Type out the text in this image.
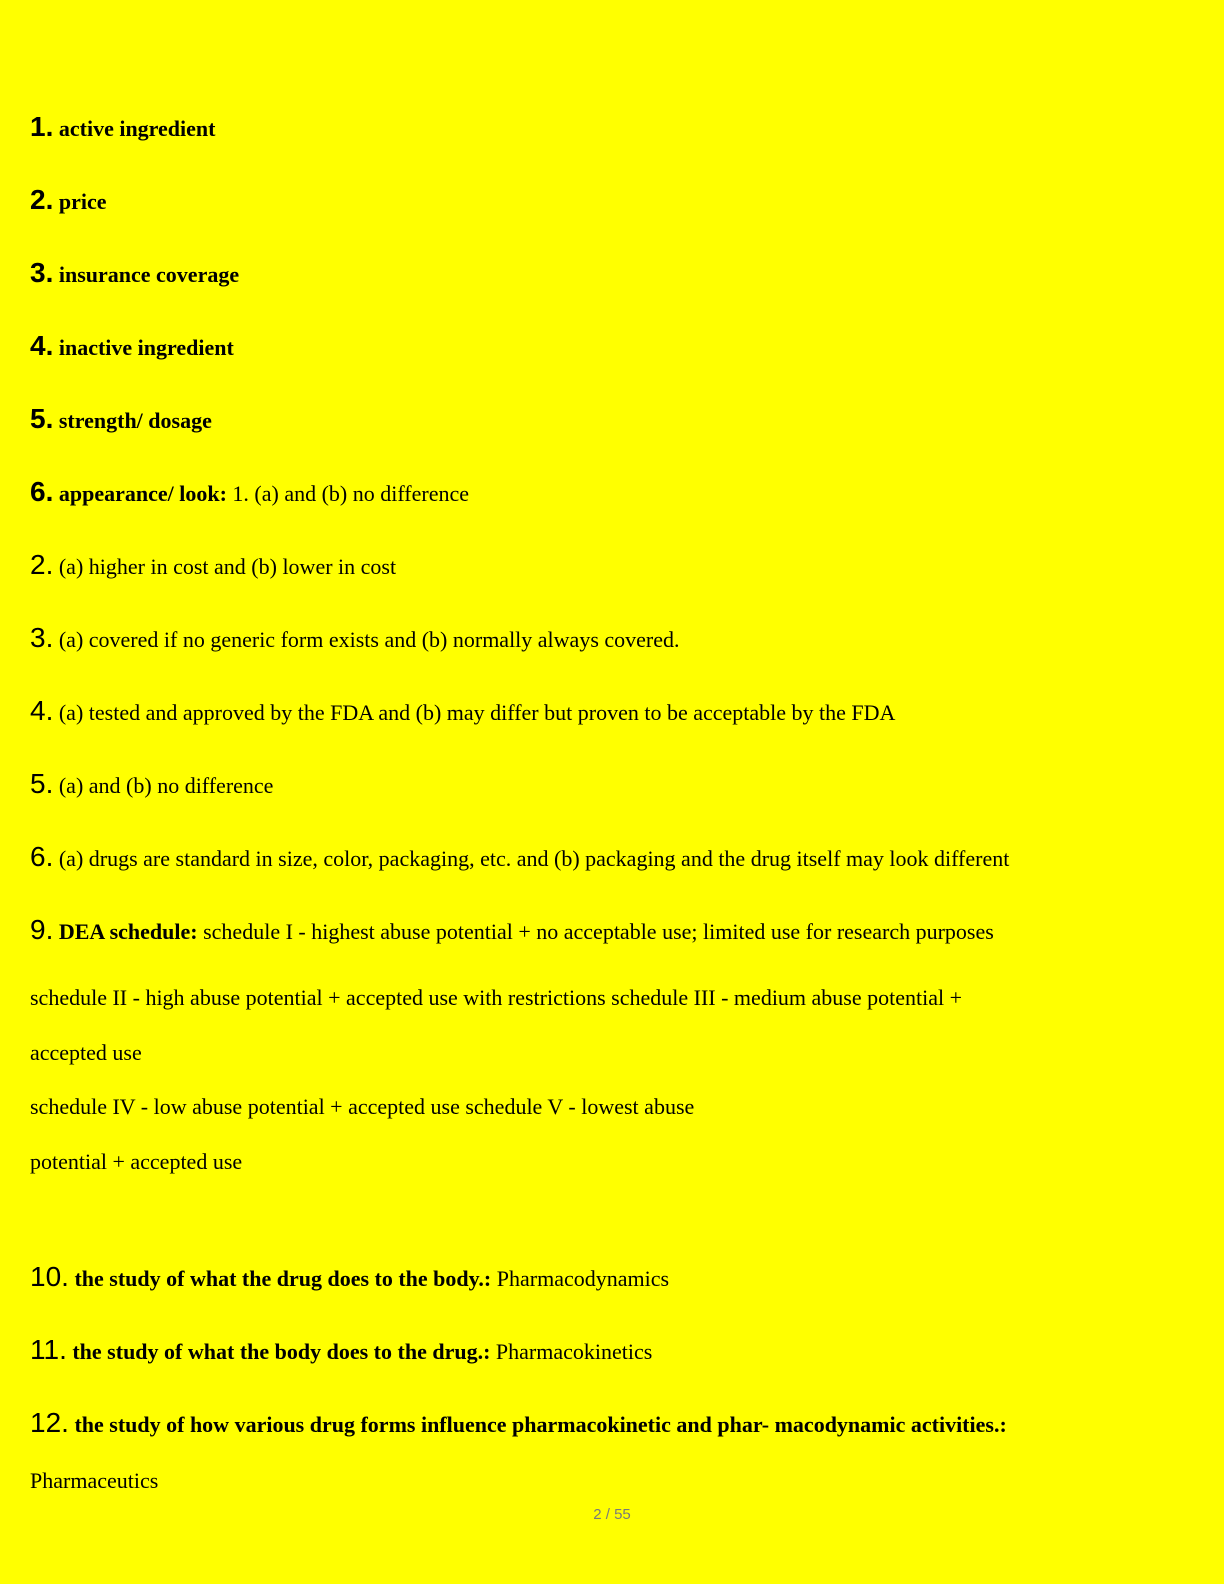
1. active ingredient
2. price
3. insurance coverage
4. inactive ingredient
5. strength/ dosage
6. appearance/ look: 1. (a) and (b) no difference
2. (a) higher in cost and (b) lower in cost
3. (a) covered if no generic form exists and (b) normally always covered.
4. (a) tested and approved by the FDA and (b) may differ but proven to be acceptable by the FDA
5. (a) and (b) no difference
6. (a) drugs are standard in size, color, packaging, etc. and (b) packaging and the drug itself may look different
9. DEA schedule: schedule I - highest abuse potential + no acceptable use; limited use for research purposes
schedule II - high abuse potential + accepted use with restrictions schedule III - medium abuse potential +
accepted use
schedule IV - low abuse potential + accepted use schedule V - lowest abuse
potential + accepted use
10. the study of what the drug does to the body.: Pharmacodynamics
11. the study of what the body does to the drug.: Pharmacokinetics
12. the study of how various drug forms influence pharmacokinetic and phar- macodynamic activities.:
Pharmaceutics
2 / 55
